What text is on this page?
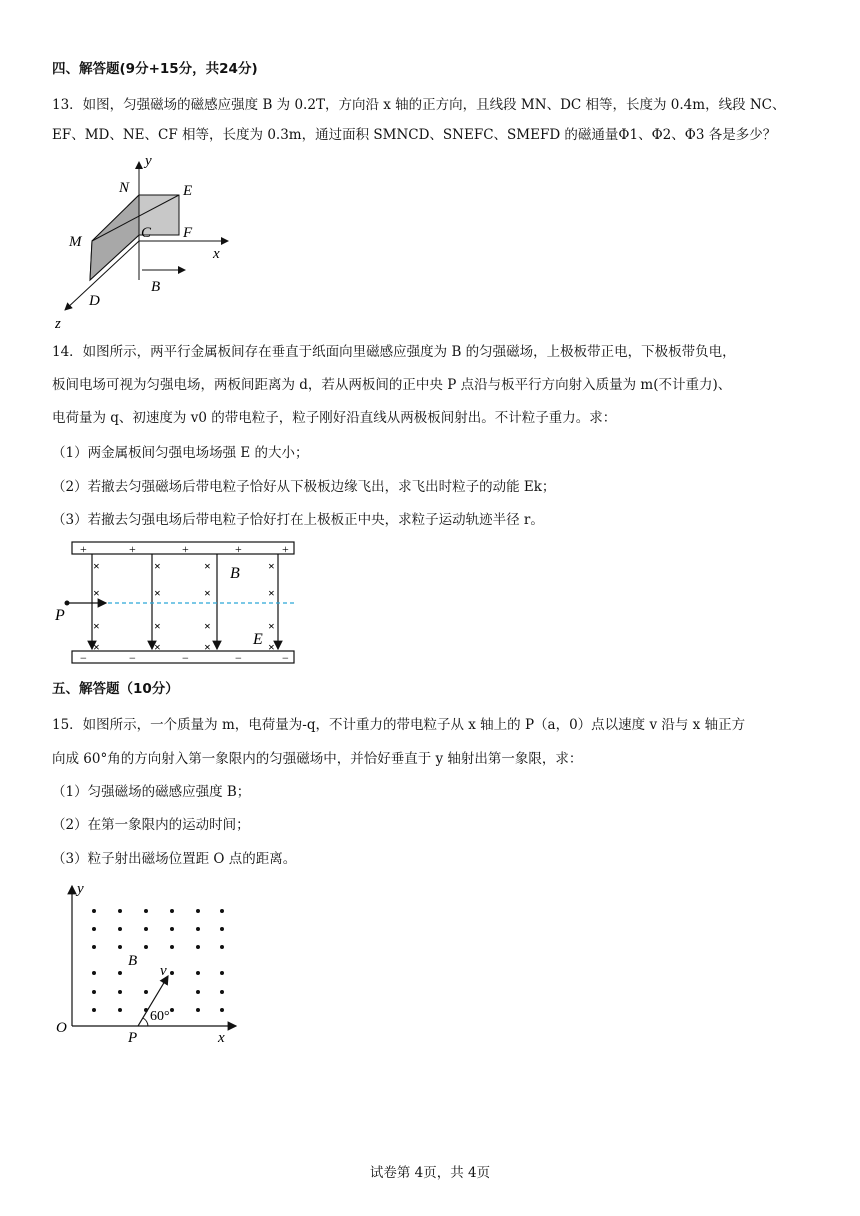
四、解答题(9分+15分，共24分)
13．如图，匀强磁场的磁感应强度 B 为 0.2T，方向沿 x 轴的正方向，且线段 MN、DC 相等，长度为 0.4m，线段 NC、
EF、MD、NE、CF 相等，长度为 0.3m，通过面积 SMNCD、SNEFC、SMEFD 的磁通量Φ1、Φ2、Φ3 各是多少？
y
N	E
M
C F
x
B
D
z
14．如图所示，两平行金属板间存在垂直于纸面向里磁感应强度为 B 的匀强磁场，上极板带正电，下极板带负电，
板间电场可视为匀强电场，两板间距离为 d，若从两板间的正中央 P 点沿与板平行方向射入质量为 m(不计重力)、
电荷量为 q、初速度为 v0 的带电粒子，粒子刚好沿直线从两极板间射出。不计粒子重力。求：
（1）两金属板间匀强电场场强 E 的大小；
（2）若撤去匀强磁场后带电粒子恰好从下极板边缘飞出，求飞出时粒子的动能 Ek；
（3）若撤去匀强电场后带电粒子恰好打在上极板正中央，求粒子运动轨迹半径 r。
+	+	+	+	+
−	−	−	−	−
×	×	×	×
×	×	×	×
×	×	×	×
×	×	×	×
P
B
E
五、解答题（10分）
15．如图所示，一个质量为 m，电荷量为-q，不计重力的带电粒子从 x 轴上的 P（a，0）点以速度 v 沿与 x 轴正方
向成 60°角的方向射入第一象限内的匀强磁场中，并恰好垂直于 y 轴射出第一象限，求：
（1）匀强磁场的磁感应强度 B；
（2）在第一象限内的运动时间；
（3）粒子射出磁场位置距 O 点的距离。
y
B
v
60°
O
P	x
试卷第 4页，共 4页
